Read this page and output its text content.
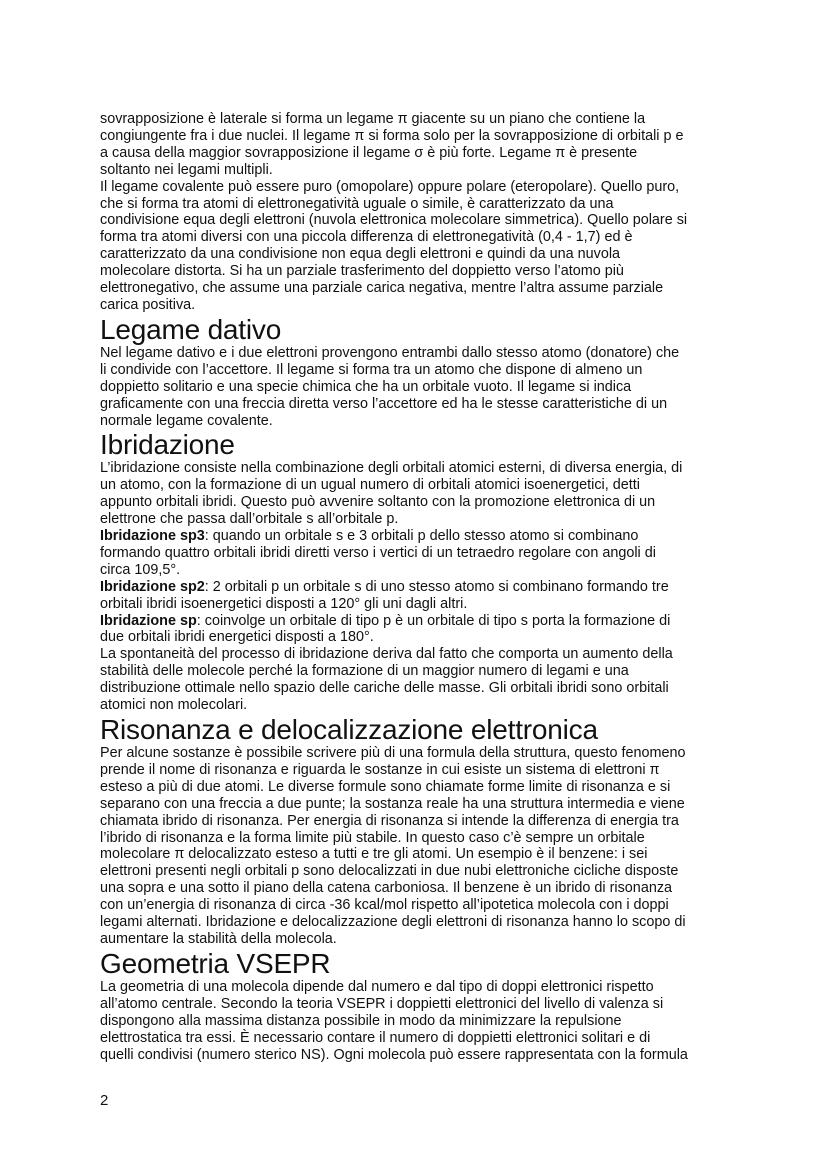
sovrapposizione è laterale si forma un legame π giacente su un piano che contiene la
congiungente fra i due nuclei. Il legame π si forma solo per la sovrapposizione di orbitali p e
a causa della maggior sovrapposizione il legame σ è più forte. Legame π è presente
soltanto nei legami multipli.
Il legame covalente può essere puro (omopolare) oppure polare (eteropolare). Quello puro,
che si forma tra atomi di elettronegatività uguale o simile, è caratterizzato da una
condivisione equa degli elettroni (nuvola elettronica molecolare simmetrica). Quello polare si
forma tra atomi diversi con una piccola differenza di elettronegatività (0,4 - 1,7) ed è
caratterizzato da una condivisione non equa degli elettroni e quindi da una nuvola
molecolare distorta. Si ha un parziale trasferimento del doppietto verso l’atomo più
elettronegativo, che assume una parziale carica negativa, mentre l’altra assume parziale
carica positiva.
Legame dativo
Nel legame dativo e i due elettroni provengono entrambi dallo stesso atomo (donatore) che
li condivide con l’accettore. Il legame si forma tra un atomo che dispone di almeno un
doppietto solitario e una specie chimica che ha un orbitale vuoto. Il legame si indica
graficamente con una freccia diretta verso l’accettore ed ha le stesse caratteristiche di un
normale legame covalente.
Ibridazione
L’ibridazione consiste nella combinazione degli orbitali atomici esterni, di diversa energia, di
un atomo, con la formazione di un ugual numero di orbitali atomici isoenergetici, detti
appunto orbitali ibridi. Questo può avvenire soltanto con la promozione elettronica di un
elettrone che passa dall’orbitale s all’orbitale p.
Ibridazione sp3: quando un orbitale s e 3 orbitali p dello stesso atomo si combinano
formando quattro orbitali ibridi diretti verso i vertici di un tetraedro regolare con angoli di
circa 109,5°.
Ibridazione sp2: 2 orbitali p un orbitale s di uno stesso atomo si combinano formando tre
orbitali ibridi isoenergetici disposti a 120° gli uni dagli altri.
Ibridazione sp: coinvolge un orbitale di tipo p è un orbitale di tipo s porta la formazione di
due orbitali ibridi energetici disposti a 180°.
La spontaneità del processo di ibridazione deriva dal fatto che comporta un aumento della
stabilità delle molecole perché la formazione di un maggior numero di legami e una
distribuzione ottimale nello spazio delle cariche delle masse. Gli orbitali ibridi sono orbitali
atomici non molecolari.
Risonanza e delocalizzazione elettronica
Per alcune sostanze è possibile scrivere più di una formula della struttura, questo fenomeno
prende il nome di risonanza e riguarda le sostanze in cui esiste un sistema di elettroni π
esteso a più di due atomi. Le diverse formule sono chiamate forme limite di risonanza e si
separano con una freccia a due punte; la sostanza reale ha una struttura intermedia e viene
chiamata ibrido di risonanza. Per energia di risonanza si intende la differenza di energia tra
l’ibrido di risonanza e la forma limite più stabile. In questo caso c’è sempre un orbitale
molecolare π delocalizzato esteso a tutti e tre gli atomi. Un esempio è il benzene: i sei
elettroni presenti negli orbitali p sono delocalizzati in due nubi elettroniche cicliche disposte
una sopra e una sotto il piano della catena carboniosa. Il benzene è un ibrido di risonanza
con un’energia di risonanza di circa -36 kcal/mol rispetto all’ipotetica molecola con i doppi
legami alternati. Ibridazione e delocalizzazione degli elettroni di risonanza hanno lo scopo di
aumentare la stabilità della molecola.
Geometria VSEPR
La geometria di una molecola dipende dal numero e dal tipo di doppi elettronici rispetto
all’atomo centrale. Secondo la teoria VSEPR i doppietti elettronici del livello di valenza si
dispongono alla massima distanza possibile in modo da minimizzare la repulsione
elettrostatica tra essi. È necessario contare il numero di doppietti elettronici solitari e di
quelli condivisi (numero sterico NS). Ogni molecola può essere rappresentata con la formula
2
